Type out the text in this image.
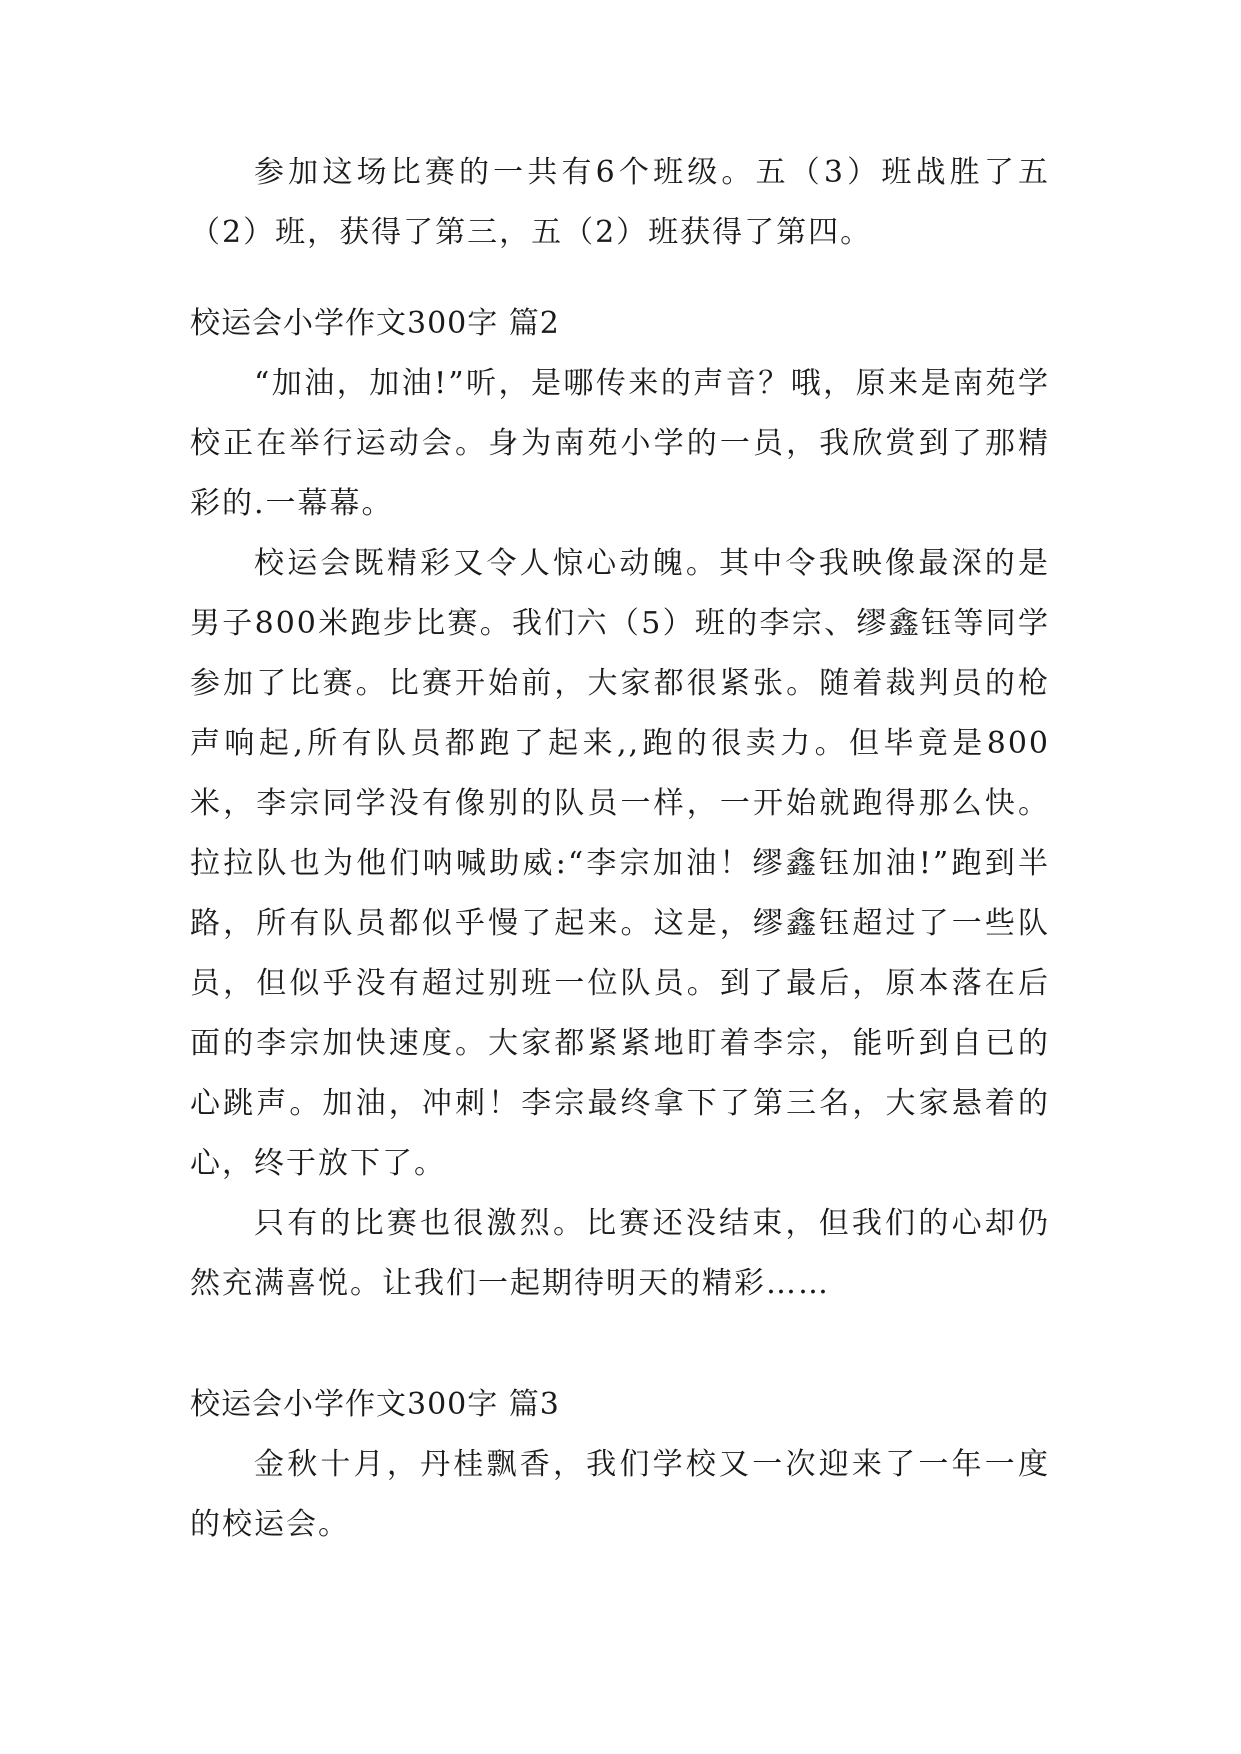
参加这场比赛的一共有6个班级。五（3）班战胜了五（2）班，获得了第三，五（2）班获得了第四。

校运会小学作文300字 篇2

“加油，加油!”听，是哪传来的声音？哦，原来是南苑学校正在举行运动会。身为南苑小学的一员，我欣赏到了那精彩的.一幕幕。

校运会既精彩又令人惊心动魄。其中令我映像最深的是男子800米跑步比赛。我们六（5）班的李宗、缪鑫钰等同学参加了比赛。比赛开始前，大家都很紧张。随着裁判员的枪声响起,所有队员都跑了起来,,跑的很卖力。但毕竟是800米，李宗同学没有像别的队员一样，一开始就跑得那么快。拉拉队也为他们呐喊助威:“李宗加油！缪鑫钰加油!”跑到半路，所有队员都似乎慢了起来。这是，缪鑫钰超过了一些队员，但似乎没有超过别班一位队员。到了最后，原本落在后面的李宗加快速度。大家都紧紧地盯着李宗，能听到自已的心跳声。加油，冲刺！李宗最终拿下了第三名，大家悬着的心，终于放下了。

只有的比赛也很激烈。比赛还没结束，但我们的心却仍然充满喜悦。让我们一起期待明天的精彩……

校运会小学作文300字 篇3

金秋十月，丹桂飘香，我们学校又一次迎来了一年一度的校运会。
